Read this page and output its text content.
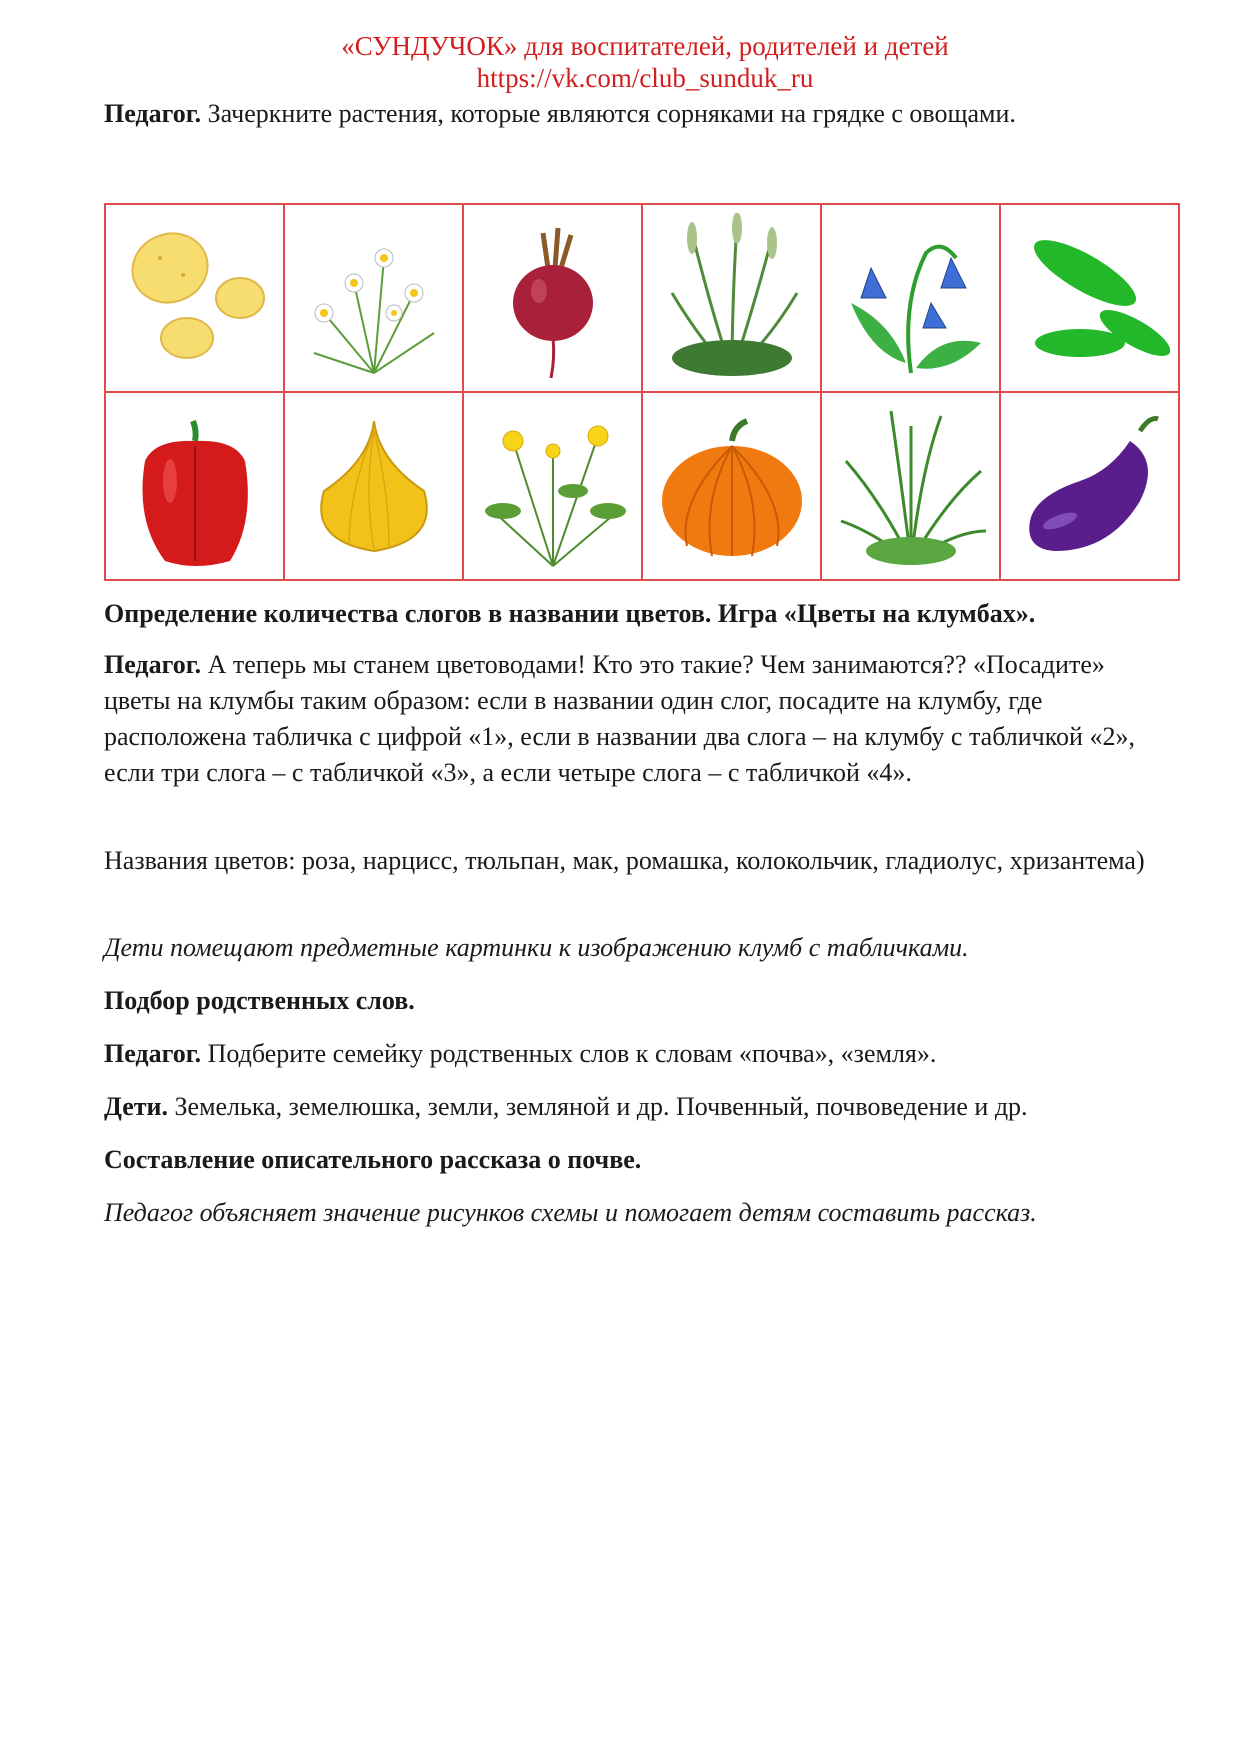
«СУНДУЧОК» для воспитателей, родителей и детей
https://vk.com/club_sunduk_ru
Педагог. Зачеркните растения, которые являются сорняками на грядке с овощами.

Определение количества слогов в названии цветов. Игра «Цветы на клумбах».
Педагог. А теперь мы станем цветоводами! Кто это такие? Чем занимаются?? «Посадите» цветы на клумбы таким образом: если в названии один слог, посадите на клумбу, где расположена табличка с цифрой «1», если в названии два слога – на клумбу с табличкой «2», если три слога – с табличкой «3», а если четыре слога – с табличкой «4».
Названия цветов: роза, нарцисс, тюльпан, мак, ромашка, колокольчик, гладиолус, хризантема)
Дети помещают предметные картинки к изображению клумб с табличками.
Подбор родственных слов.
Педагог. Подберите семейку родственных слов к словам «почва», «земля».
Дети. Земелька, земелюшка, земли, земляной и др. Почвенный, почвоведение и др.
Составление описательного рассказа о почве.
Педагог объясняет значение рисунков схемы и помогает детям составить рассказ.
